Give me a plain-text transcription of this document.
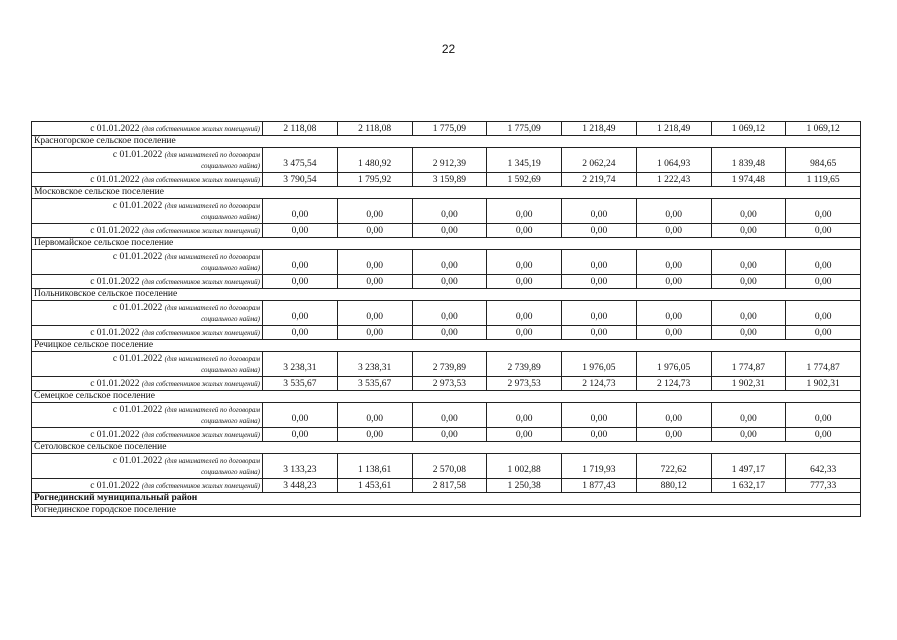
22
с 01.01.2022 (для собственников жилых помещений)	2 118,08	2 118,08	1 775,09	1 775,09	1 218,49	1 218,49	1 069,12	1 069,12
Красногорское сельское поселение								

с 01.01.2022 (для нанимателей по договорам
социального найма)	3 475,54	1 480,92	2 912,39	1 345,19	2 062,24	1 064,93	1 839,48	984,65
с 01.01.2022 (для собственников жилых помещений)	3 790,54	1 795,92	3 159,89	1 592,69	2 219,74	1 222,43	1 974,48	1 119,65
Московское сельское поселение								

с 01.01.2022 (для нанимателей по договорам
социального найма)	0,00	0,00	0,00	0,00	0,00	0,00	0,00	0,00
с 01.01.2022 (для собственников жилых помещений)	0,00	0,00	0,00	0,00	0,00	0,00	0,00	0,00
Первомайское сельское поселение								

с 01.01.2022 (для нанимателей по договорам
социального найма)	0,00	0,00	0,00	0,00	0,00	0,00	0,00	0,00
с 01.01.2022 (для собственников жилых помещений)	0,00	0,00	0,00	0,00	0,00	0,00	0,00	0,00
Польниковское сельское поселение								

с 01.01.2022 (для нанимателей по договорам
социального найма)	0,00	0,00	0,00	0,00	0,00	0,00	0,00	0,00
с 01.01.2022 (для собственников жилых помещений)	0,00	0,00	0,00	0,00	0,00	0,00	0,00	0,00
Речицкое сельское поселение								

с 01.01.2022 (для нанимателей по договорам
социального найма)	3 238,31	3 238,31	2 739,89	2 739,89	1 976,05	1 976,05	1 774,87	1 774,87
с 01.01.2022 (для собственников жилых помещений)	3 535,67	3 535,67	2 973,53	2 973,53	2 124,73	2 124,73	1 902,31	1 902,31
Семецкое сельское поселение								

с 01.01.2022 (для нанимателей по договорам
социального найма)	0,00	0,00	0,00	0,00	0,00	0,00	0,00	0,00
с 01.01.2022 (для собственников жилых помещений)	0,00	0,00	0,00	0,00	0,00	0,00	0,00	0,00
Сетоловское сельское поселение								

с 01.01.2022 (для нанимателей по договорам
социального найма)	3 133,23	1 138,61	2 570,08	1 002,88	1 719,93	722,62	1 497,17	642,33
с 01.01.2022 (для собственников жилых помещений)	3 448,23	1 453,61	2 817,58	1 250,38	1 877,43	880,12	1 632,17	777,33
Рогнединский муниципальный район								
Рогнединское городское поселение								
